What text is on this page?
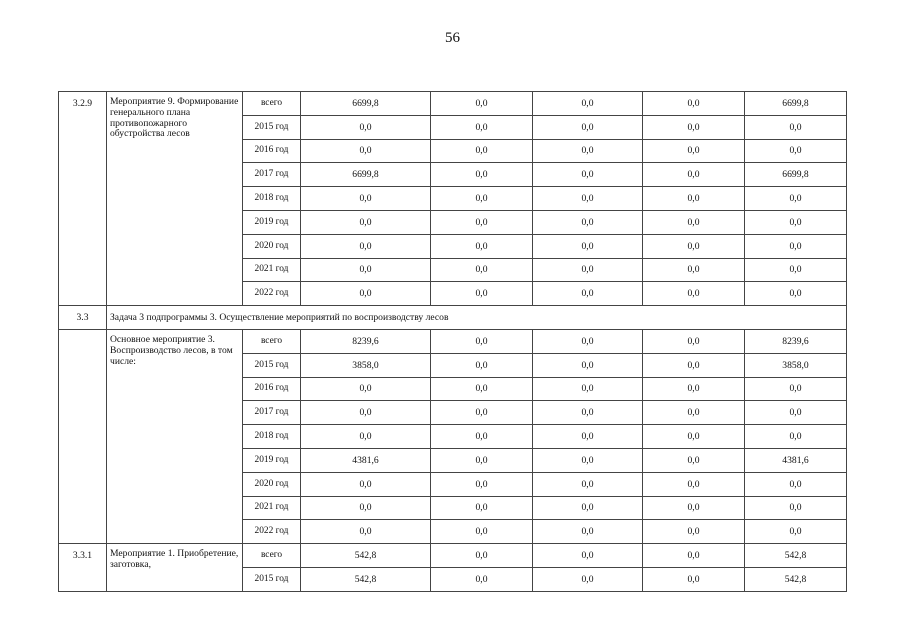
56
3.2.9	Мероприятие 9. Формирование генерального плана противопожарного обустройства лесов	всего	6699,8	0,0	0,0	0,0	6699,8
		2015 год	0,0	0,0	0,0	0,0	0,0
		2016 год	0,0	0,0	0,0	0,0	0,0
		2017 год	6699,8	0,0	0,0	0,0	6699,8
		2018 год	0,0	0,0	0,0	0,0	0,0
		2019 год	0,0	0,0	0,0	0,0	0,0
		2020 год	0,0	0,0	0,0	0,0	0,0
		2021 год	0,0	0,0	0,0	0,0	0,0
		2022 год	0,0	0,0	0,0	0,0	0,0
3.3	Задача 3 подпрограммы 3. Осуществление мероприятий по воспроизводству лесов						
	Основное мероприятие 3. Воспроизводство лесов, в том числе:	всего	8239,6	0,0	0,0	0,0	8239,6
		2015 год	3858,0	0,0	0,0	0,0	3858,0
		2016 год	0,0	0,0	0,0	0,0	0,0
		2017 год	0,0	0,0	0,0	0,0	0,0
		2018 год	0,0	0,0	0,0	0,0	0,0
		2019 год	4381,6	0,0	0,0	0,0	4381,6
		2020 год	0,0	0,0	0,0	0,0	0,0
		2021 год	0,0	0,0	0,0	0,0	0,0
		2022 год	0,0	0,0	0,0	0,0	0,0
3.3.1	Мероприятие 1. Приобретение, заготовка,	всего	542,8	0,0	0,0	0,0	542,8
		2015 год	542,8	0,0	0,0	0,0	542,8
